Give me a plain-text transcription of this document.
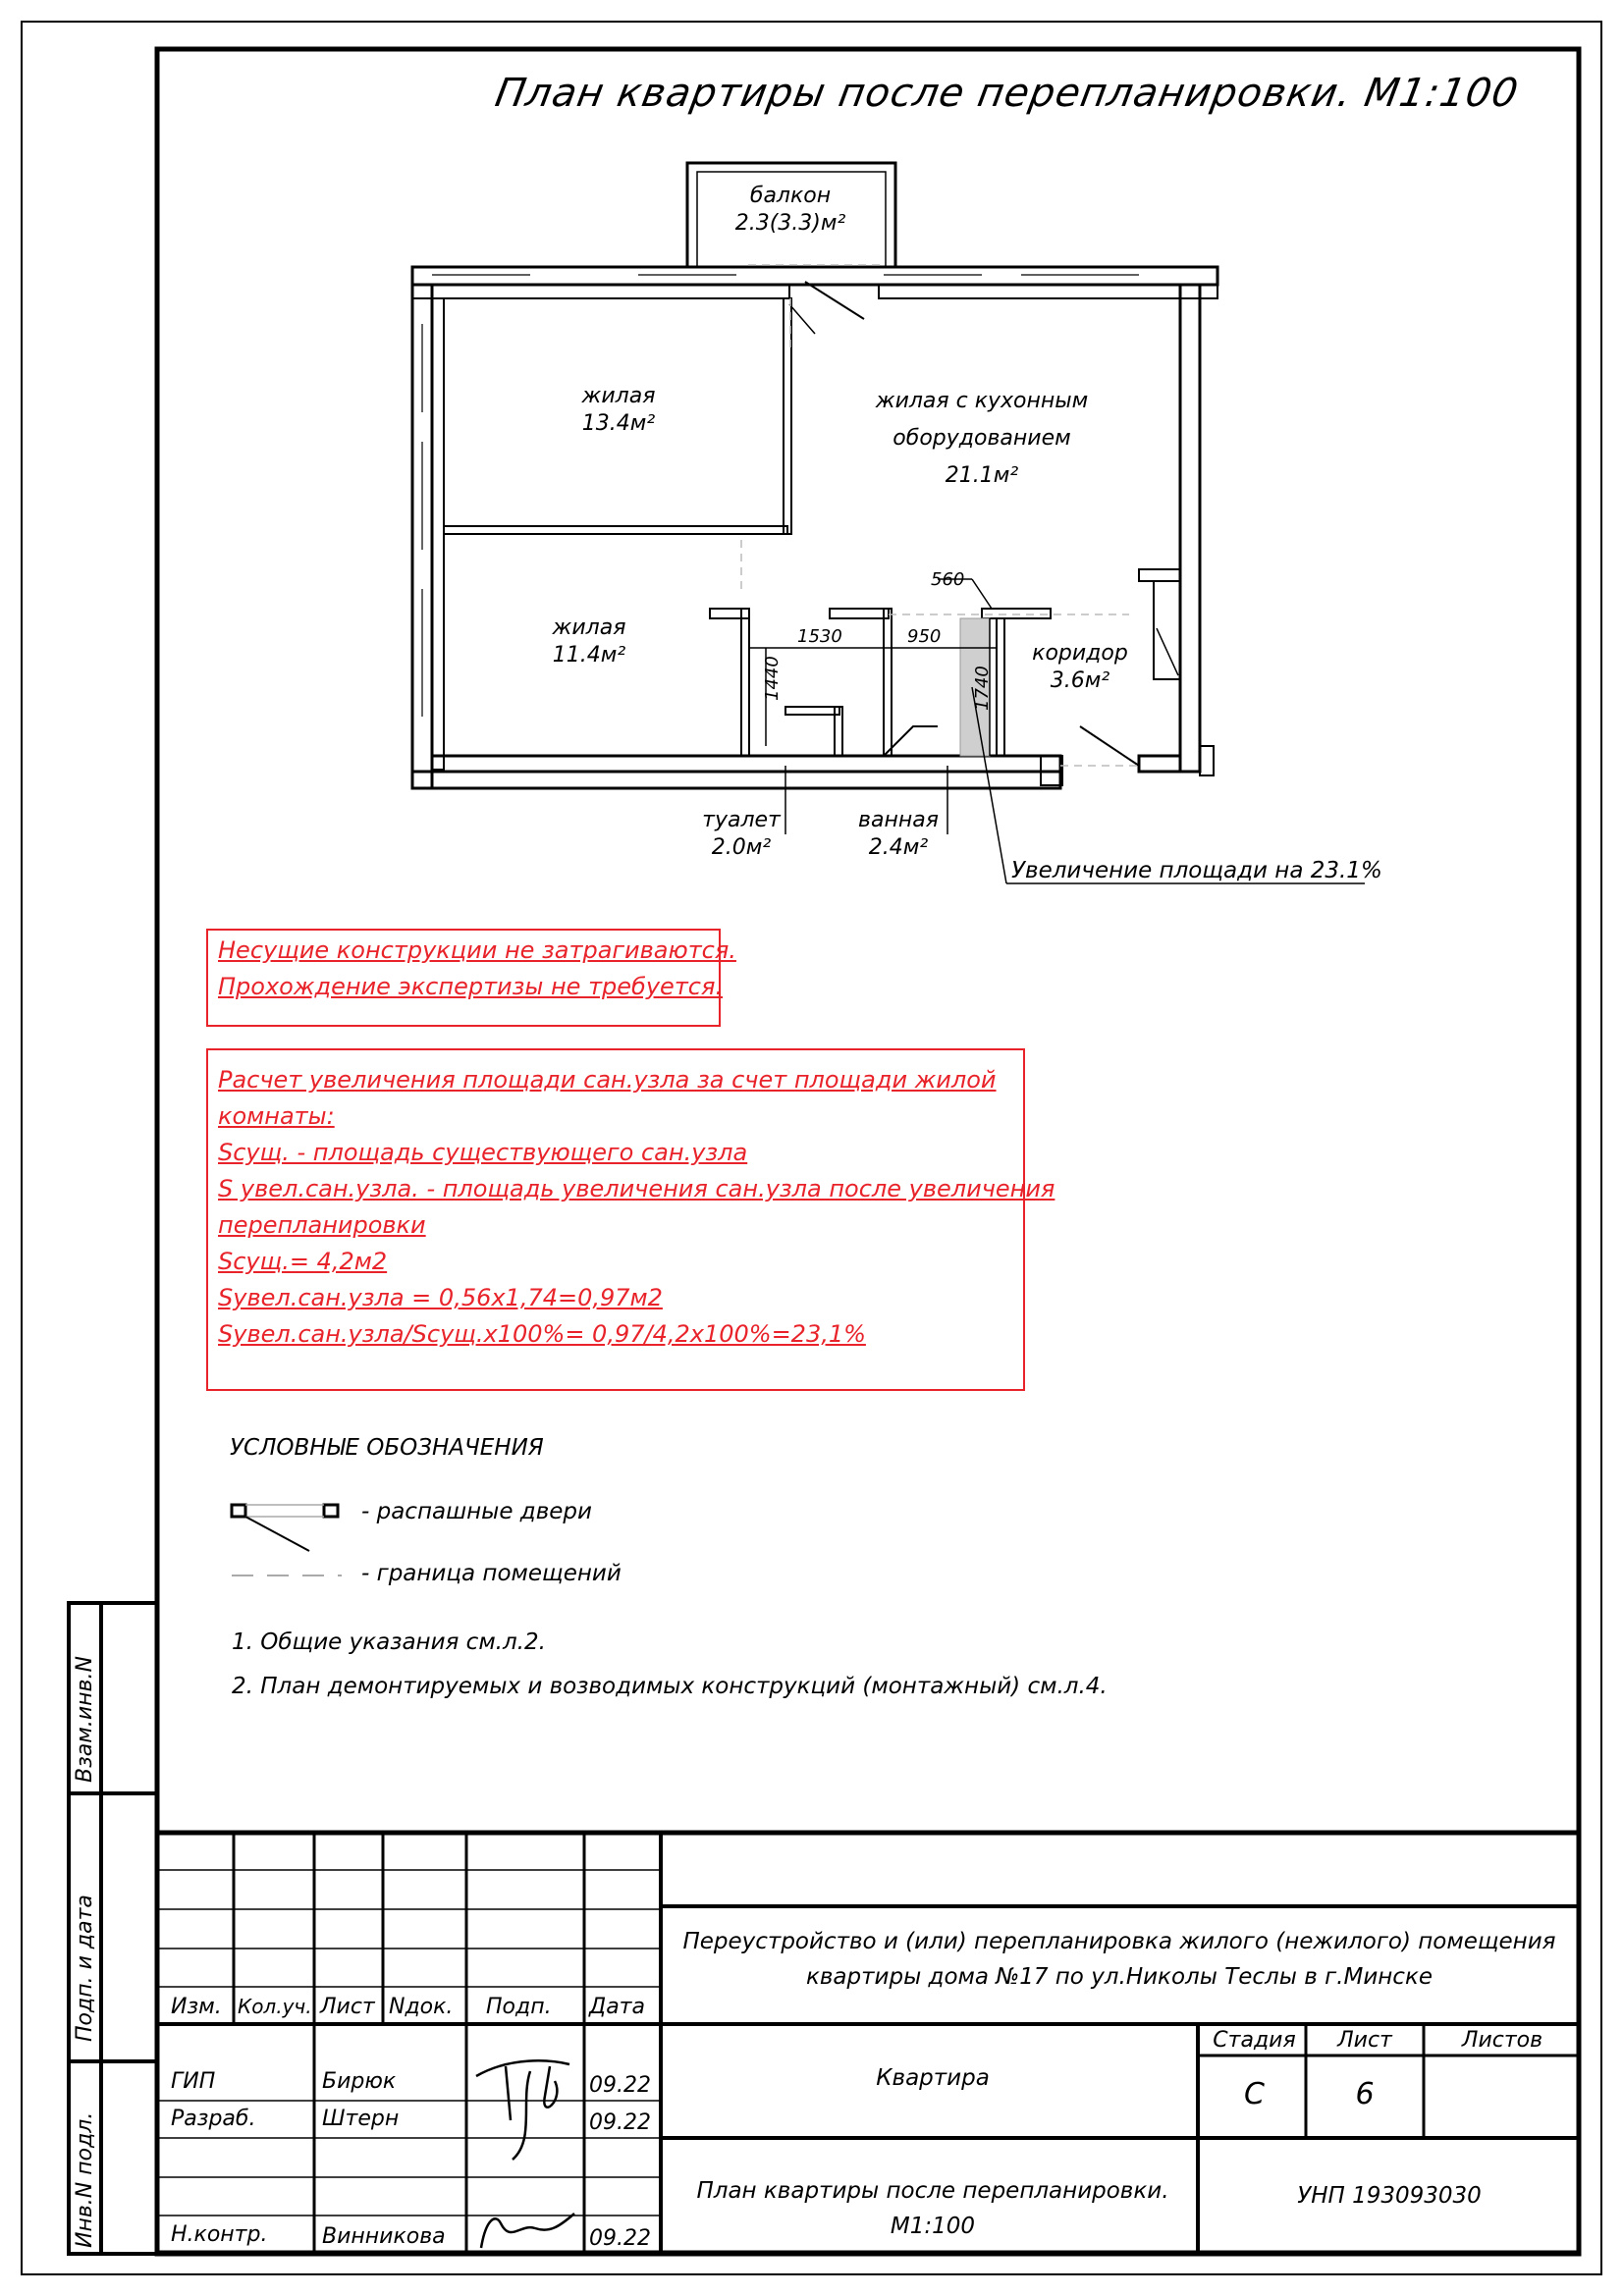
План квартиры после перепланировки. М1:100
балкон
2.3(3.3)м²
жилая
13.4м²
жилая с кухонным
оборудованием
21.1м²
жилая
11.4м²	коридор
3.6м²
туалет
2.0м²
ванная
2.4м²
560
1530	950
1440	1740
Увеличение площади на 23.1%
Несущие конструкции не затрагиваются.
Прохождение экспертизы не требуется.
Расчет увеличения площади сан.узла за счет площади жилой
комнаты:
Sсущ. - площадь существующего сан.узла
S увел.сан.узла. - площадь увеличения сан.узла после увеличения
перепланировки
Sсущ.= 4,2м2
Sувел.сан.узла = 0,56х1,74=0,97м2
Sувел.сан.узла/Sсущ.х100%= 0,97/4,2х100%=23,1%
УСЛОВНЫЕ ОБОЗНАЧЕНИЯ
- распашные двери
- граница помещений
1. Общие указания см.л.2.
2. План демонтируемых и возводимых конструкций (монтажный) см.л.4.
Взам.инв.N
Подп. и дата
Инв.N подл.
Изм. Кол.уч. Лист Nдок. Подп. Дата
ГИП	Бирюк	09.22
Разраб.	Штерн	09.22
Н.контр.	Винникова	09.22
Переустройство и (или) перепланировка жилого (нежилого) помещения
квартиры дома №17 по ул.Николы Теслы в г.Минске
Квартира
План квартиры после перепланировки.
М1:100
Стадия	Лист	Листов
С	6
УНП 193093030
